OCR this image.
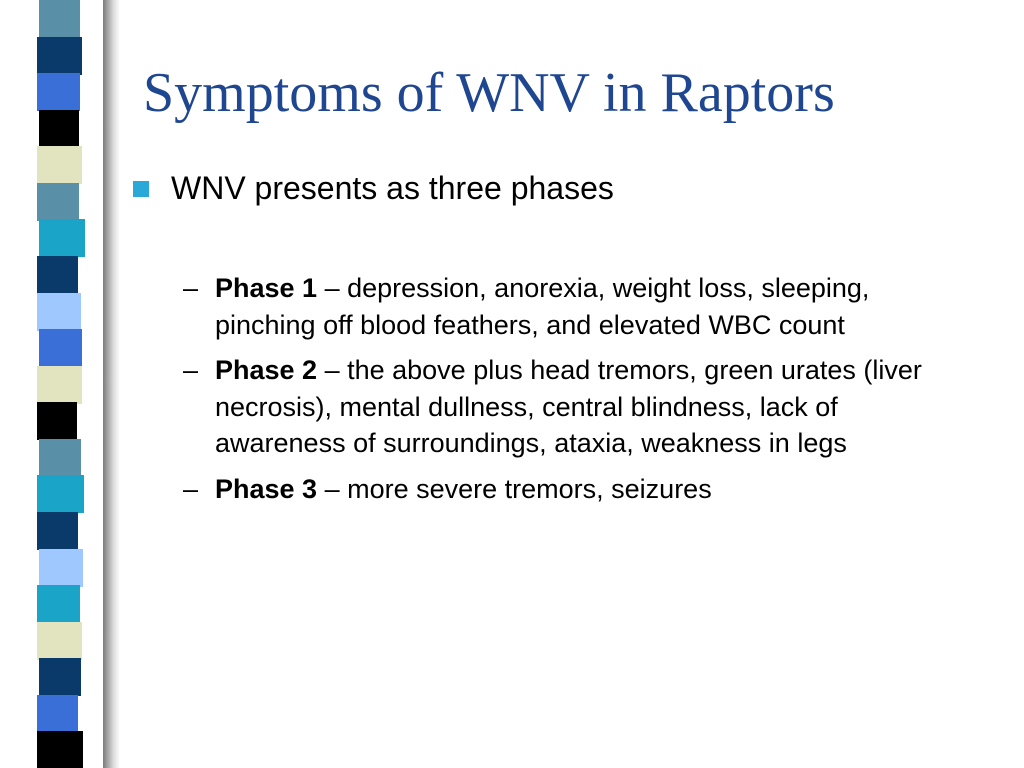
Symptoms of WNV in Raptors
WNV presents as three phases
– Phase 1 – depression, anorexia, weight loss, sleeping, pinching off blood feathers, and elevated WBC count
– Phase 2 – the above plus head tremors, green urates (liver necrosis), mental dullness, central blindness, lack of awareness of surroundings, ataxia, weakness in legs
– Phase 3 – more severe tremors, seizures
